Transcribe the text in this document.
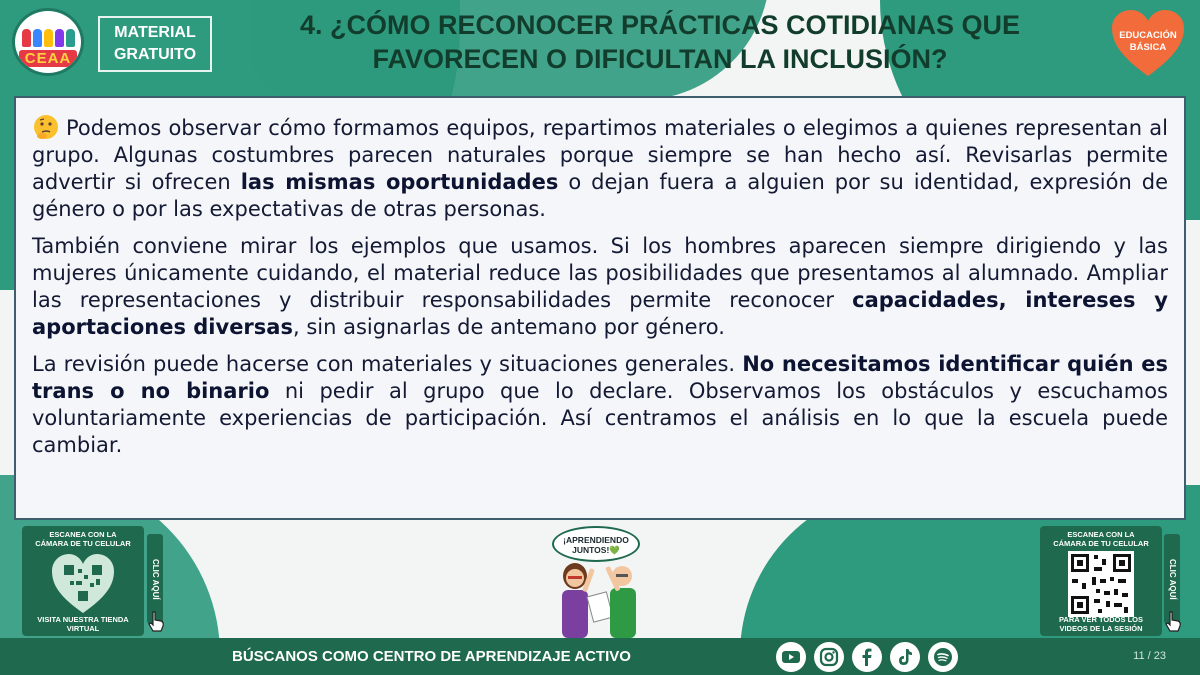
CEAA
MATERIAL
GRATUITO
4. ¿CÓMO RECONOCER PRÁCTICAS COTIDIANAS QUE
FAVORECEN O DIFICULTAN LA INCLUSIÓN?
EDUCACIÓN
BÁSICA

Podemos observar cómo formamos equipos, repartimos materiales o elegimos a quienes representan al grupo. Algunas costumbres parecen naturales porque siempre se han hecho así. Revisarlas permite advertir si ofrecen las mismas oportunidades o dejan fuera a alguien por su identidad, expresión de género o por las expectativas de otras personas.

También conviene mirar los ejemplos que usamos. Si los hombres aparecen siempre dirigiendo y las mujeres únicamente cuidando, el material reduce las posibilidades que presentamos al alumnado. Ampliar las representaciones y distribuir responsabilidades permite reconocer capacidades, intereses y aportaciones diversas, sin asignarlas de antemano por género.

La revisión puede hacerse con materiales y situaciones generales. No necesitamos identificar quién es trans o no binario ni pedir al grupo que lo declare. Observamos los obstáculos y escuchamos voluntariamente experiencias de participación. Así centramos el análisis en lo que la escuela puede cambiar.

ESCANEA CON LA
CÁMARA DE TU CELULAR
VISITA NUESTRA TIENDA
VIRTUAL
CLIC AQUÍ
¡APRENDIENDO
JUNTOS!💚
ESCANEA CON LA
CÁMARA DE TU CELULAR
PARA VER TODOS LOS
VIDEOS DE LA SESIÓN
CLIC AQUÍ
BÚSCANOS COMO CENTRO DE APRENDIZAJE ACTIVO	11 / 23
